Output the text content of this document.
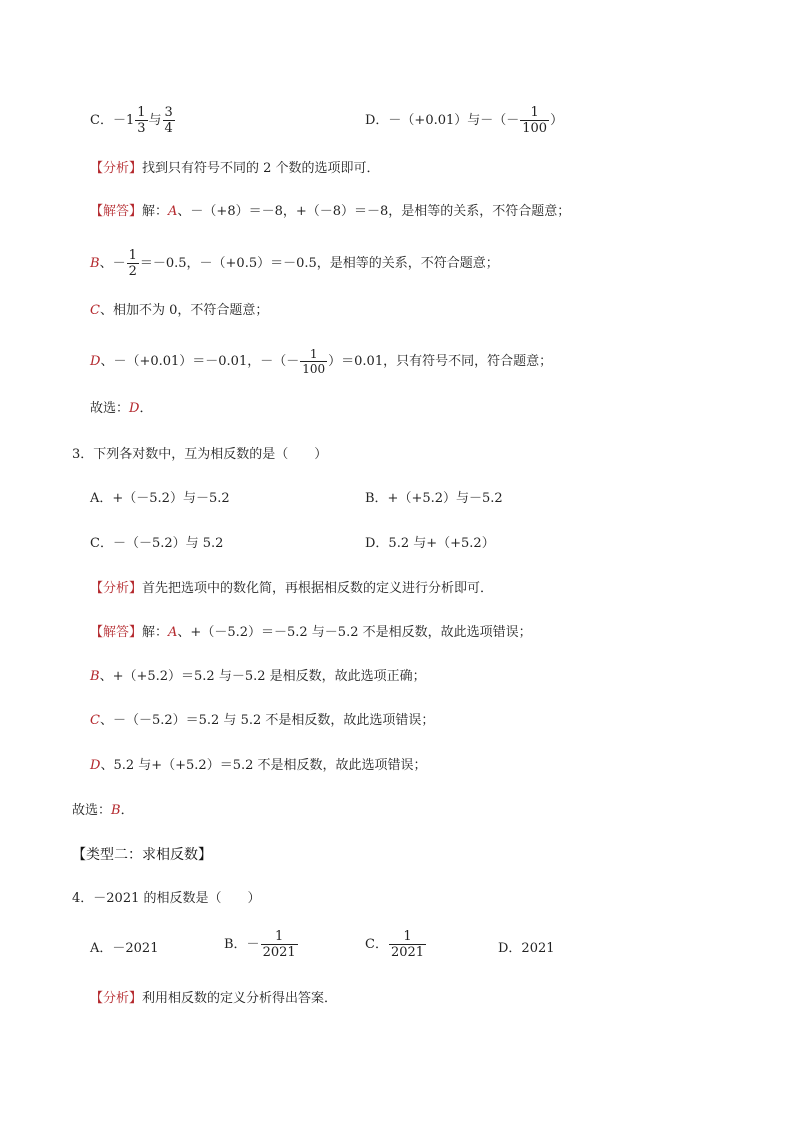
C．$-1 \frac{1}{3}$ 与 $\frac{3}{4}$	D．－（+0.01）与－（－ $\frac{1}{100}$ ）
【分析】找到只有符号不同的 2 个数的选项即可．
【解答】解：A、－（+8）＝－8，+（－8）＝－8，是相等的关系，不符合题意；
B、－ $\frac{1}{2} =-0.5$，－（+0.5）＝－0.5，是相等的关系，不符合题意；
C、相加不为 0，不符合题意；
D、－（+0.01）＝－0.01，－（－ $\frac{1}{100} )=0.01$，只有符号不同，符合题意；
故选：D．
3．下列各对数中，互为相反数的是（　　）
A．+（－5.2）与－5.2	B．+（+5.2）与－5.2
C．－（－5.2）与 5.2	D．5.2 与+（+5.2）
【分析】首先把选项中的数化简，再根据相反数的定义进行分析即可．
【解答】解：A、+（－5.2）＝－5.2 与－5.2 不是相反数，故此选项错误；
B、+（+5.2）＝5.2 与－5.2 是相反数，故此选项正确；
C、－（－5.2）＝5.2 与 5.2 不是相反数，故此选项错误；
D、5.2 与+（+5.2）＝5.2 不是相反数，故此选项错误；
故选：B．
【类型二：求相反数】
4．－2021 的相反数是（　　）
A．－2021	B．－ $\frac{1}{2021}$	C． $\frac{1}{2021}$	D．2021
【分析】利用相反数的定义分析得出答案．
